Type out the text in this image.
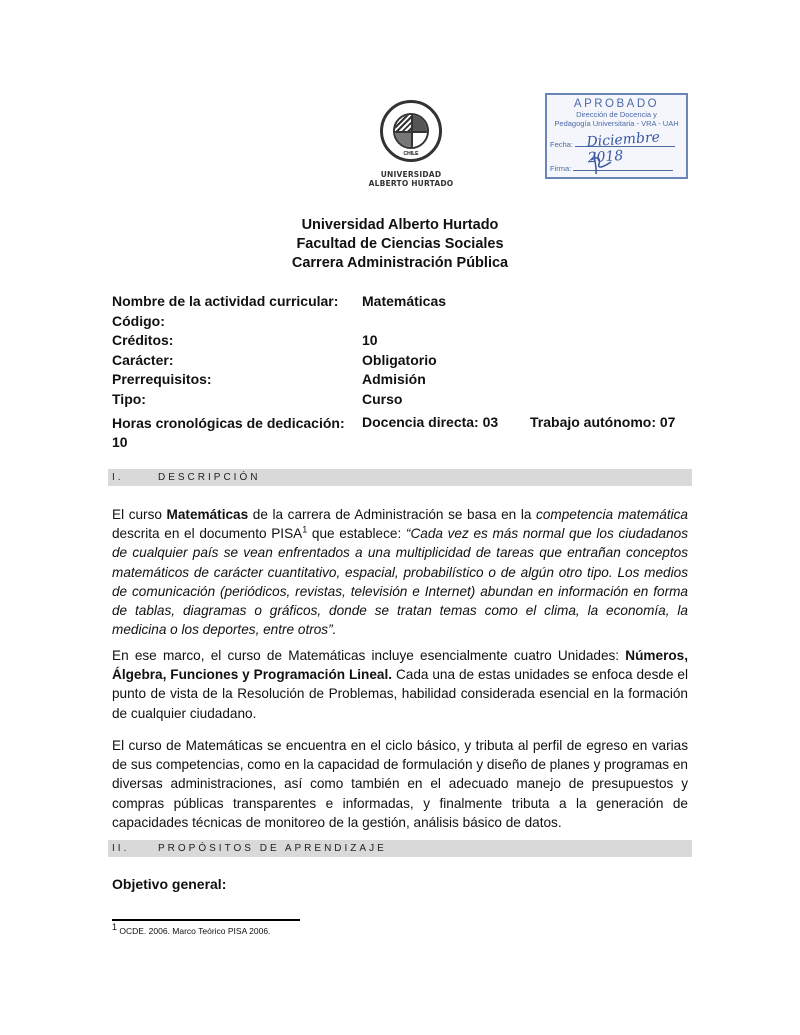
CHILE
UNIVERSIDAD
ALBERTO HURTADO
APROBADO
Dirección de Docencia y
Pedagogía Universitaria - VRA - UAH
Fecha: Diciembre 2018
Firma:
Universidad Alberto Hurtado
Facultad de Ciencias Sociales
Carrera Administración Pública
Nombre de la actividad curricular: Matemáticas
Código:
Créditos:	10
Carácter:	Obligatorio
Prerrequisitos:	Admisión
Tipo:	Curso
Horas cronológicas de dedicación:
10
Docencia directa: 03 Trabajo autónomo: 07
I.	DESCRIPCIÓN
El curso Matemáticas de la carrera de Administración se basa en la competencia matemática descrita en el documento PISA$^1$ que establece: “Cada vez es más normal que los ciudadanos de cualquier país se vean enfrentados a una multiplicidad de tareas que entrañan conceptos matemáticos de carácter cuantitativo, espacial, probabilístico o de algún otro tipo. Los medios de comunicación (periódicos, revistas, televisión e Internet) abundan en información en forma de tablas, diagramas o gráficos, donde se tratan temas como el clima, la economía, la medicina o los deportes, entre otros”.
En ese marco, el curso de Matemáticas incluye esencialmente cuatro Unidades: Números, Álgebra, Funciones y Programación Lineal. Cada una de estas unidades se enfoca desde el punto de vista de la Resolución de Problemas, habilidad considerada esencial en la formación de cualquier ciudadano.
El curso de Matemáticas se encuentra en el ciclo básico, y tributa al perfil de egreso en varias de sus competencias, como en la capacidad de formulación y diseño de planes y programas en diversas administraciones, así como también en el adecuado manejo de presupuestos y compras públicas transparentes e informadas, y finalmente tributa a la generación de capacidades técnicas de monitoreo de la gestión, análisis básico de datos.
II.	PROPÓSITOS DE APRENDIZAJE
Objetivo general:
$^1$ OCDE. 2006. Marco Teórico PISA 2006.
